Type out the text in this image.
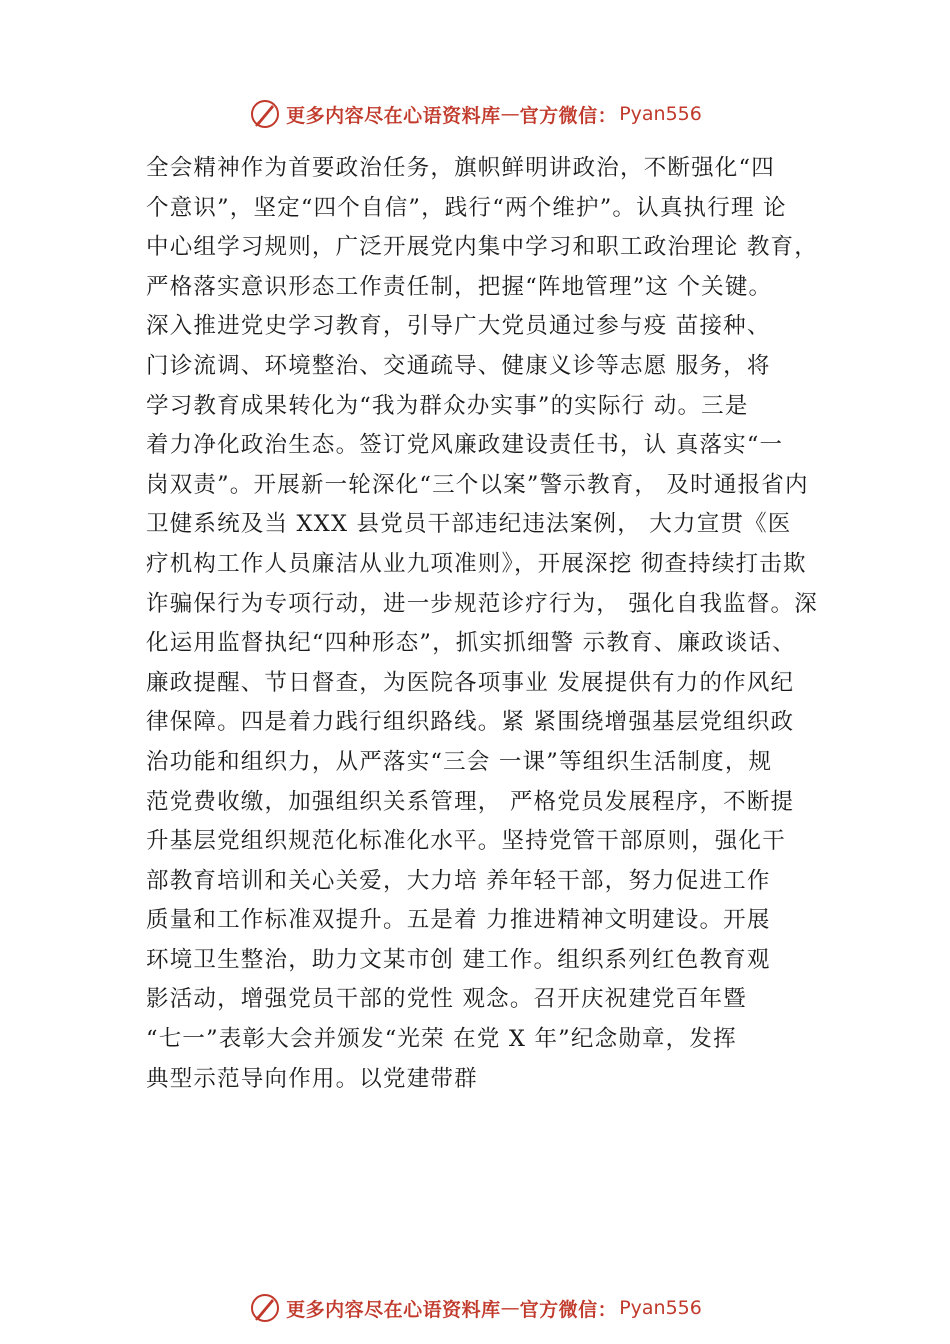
更多内容尽在心语资料库 — 官方微信： Pyan556
全会精神作为首要政治任务，旗帜鲜明讲政治，不断强化“四
个意识”，坚定“四个自信”，践行“两个维护”。认真执行理 论
中心组学习规则，广泛开展党内集中学习和职工政治理论 教育，
严格落实意识形态工作责任制，把握“阵地管理”这 个关键。
深入推进党史学习教育，引导广大党员通过参与疫 苗接种、
门诊流调、环境整治、交通疏导、健康义诊等志愿 服务，将
学习教育成果转化为“我为群众办实事”的实际行 动。三是
着力净化政治生态。签订党风廉政建设责任书，认 真落实“一
岗双责”。开展新一轮深化“三个以案”警示教育， 及时通报省内
卫健系统及当 XXX 县党员干部违纪违法案例， 大力宣贯《医
疗机构工作人员廉洁从业九项准则》，开展深挖 彻查持续打击欺
诈骗保行为专项行动，进一步规范诊疗行为， 强化自我监督。深
化运用监督执纪“四种形态”，抓实抓细警 示教育、廉政谈话、
廉政提醒、节日督查，为医院各项事业 发展提供有力的作风纪
律保障。四是着力践行组织路线。紧 紧围绕增强基层党组织政
治功能和组织力，从严落实“三会 一课”等组织生活制度，规
范党费收缴，加强组织关系管理， 严格党员发展程序，不断提
升基层党组织规范化标准化水平。坚持党管干部原则，强化干
部教育培训和关心关爱，大力培 养年轻干部，努力促进工作
质量和工作标准双提升。五是着 力推进精神文明建设。开展
环境卫生整治，助力文某市创 建工作。组织系列红色教育观
影活动，增强党员干部的党性 观念。召开庆祝建党百年暨
“七一”表彰大会并颁发“光荣 在党 X 年”纪念勋章，发挥
典型示范导向作用。以党建带群
更多内容尽在心语资料库 — 官方微信： Pyan556
